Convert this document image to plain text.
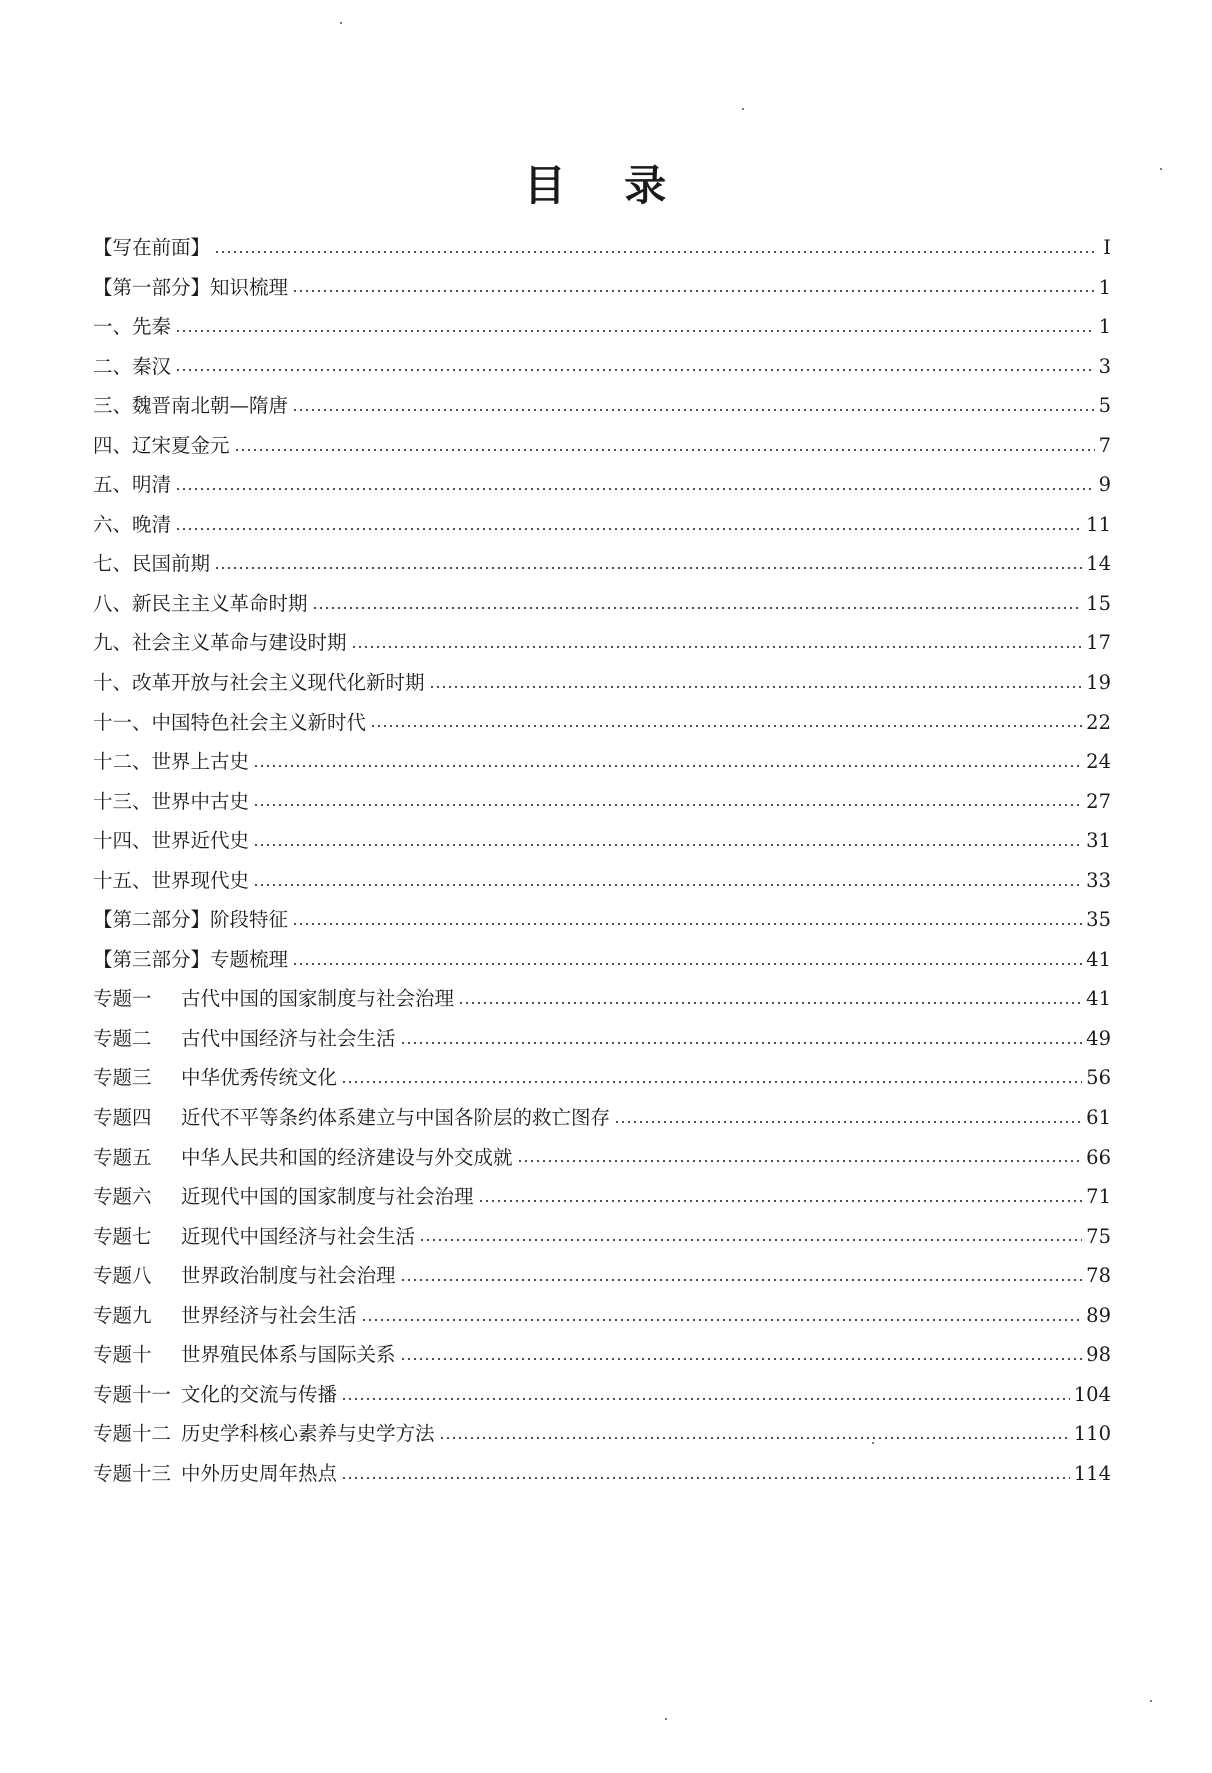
目 录
【写在前面】	I
【第一部分】知识梳理	1
一、先秦	1
二、秦汉	3
三、魏晋南北朝—隋唐	5
四、辽宋夏金元	7
五、明清	9
六、晚清	11
七、民国前期	14
八、新民主主义革命时期	15
九、社会主义革命与建设时期	17
十、改革开放与社会主义现代化新时期	19
十一、中国特色社会主义新时代	22
十二、世界上古史	24
十三、世界中古史	27
十四、世界近代史	31
十五、世界现代史	33
【第二部分】阶段特征	35
【第三部分】专题梳理	41
专题一 古代中国的国家制度与社会治理	41
专题二 古代中国经济与社会生活	49
专题三 中华优秀传统文化	56
专题四 近代不平等条约体系建立与中国各阶层的救亡图存	61
专题五 中华人民共和国的经济建设与外交成就	66
专题六 近现代中国的国家制度与社会治理	71
专题七 近现代中国经济与社会生活	75
专题八 世界政治制度与社会治理	78
专题九 世界经济与社会生活	89
专题十 世界殖民体系与国际关系	98
专题十一 文化的交流与传播	104
专题十二 历史学科核心素养与史学方法	110
专题十三 中外历史周年热点	114
